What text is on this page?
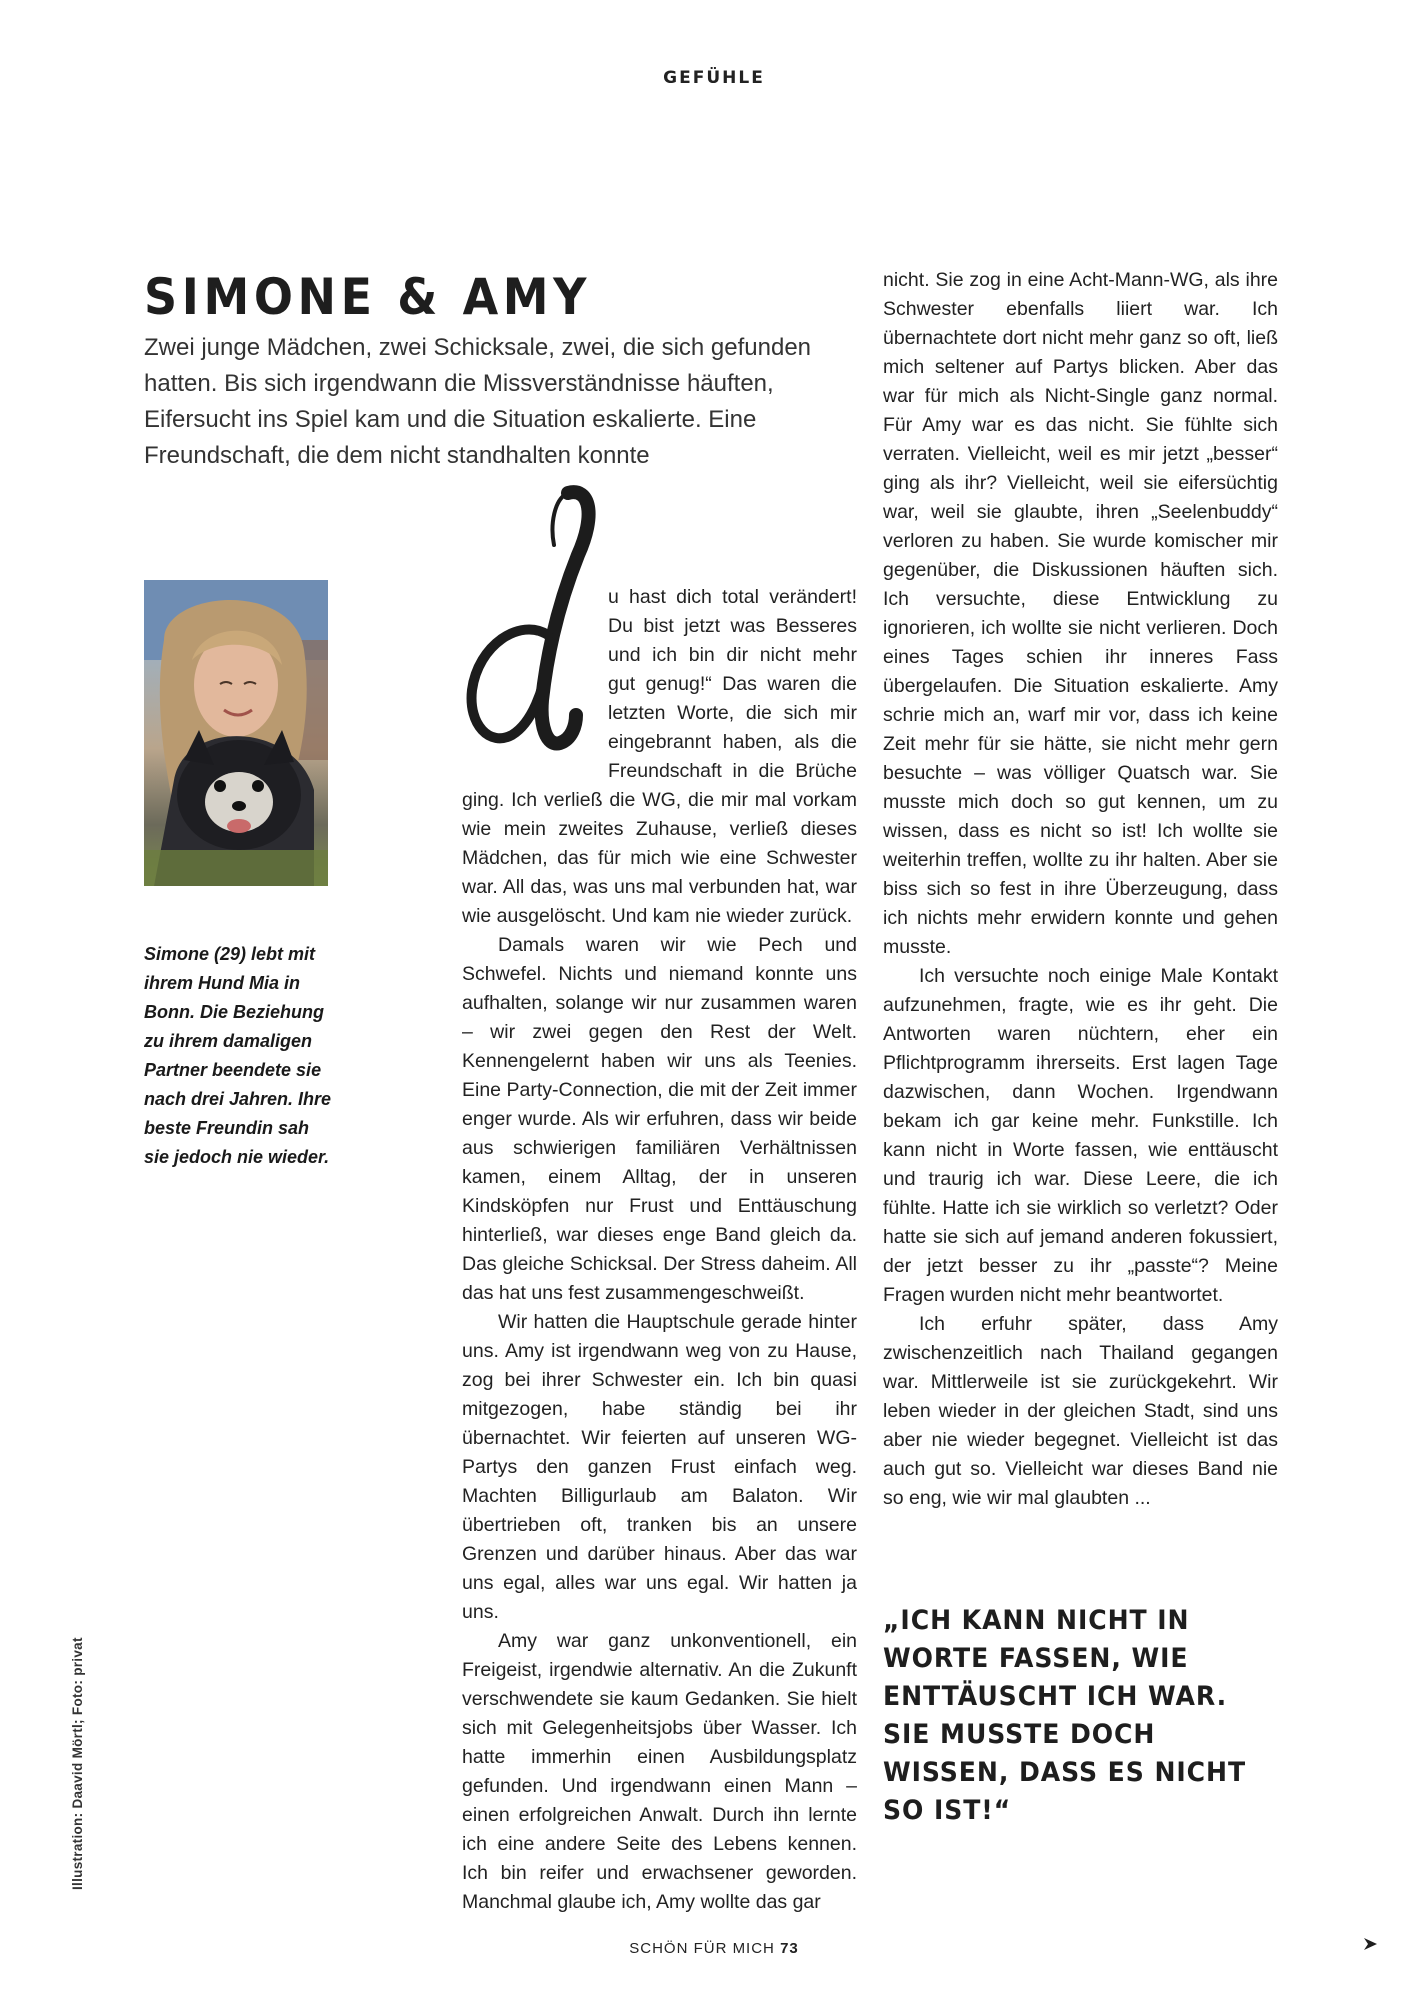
GEFÜHLE
SIMONE & AMY

Zwei junge Mädchen, zwei Schicksale, zwei, die sich gefunden hatten. Bis sich irgendwann die Missverständnisse häuften, Eifersucht ins Spiel kam und die Situation eskalierte. Eine Freundschaft, die dem nicht standhalten konnte

Simone (29) lebt mit ihrem Hund Mia in Bonn. Die Beziehung zu ihrem damaligen Partner beendete sie nach drei Jahren. Ihre beste Freundin sah sie jedoch nie wieder.

Illustration: Daavid Mörtl; Foto: privat

u hast dich total verändert! Du bist jetzt was Besseres und ich bin dir nicht mehr gut genug!“ Das waren die letzten Worte, die sich mir eingebrannt haben, als die Freundschaft in die Brüche ging. Ich verließ die WG, die mir mal vorkam wie mein zweites Zuhause, verließ dieses Mädchen, das für mich wie eine Schwester war. All das, was uns mal verbunden hat, war wie ausgelöscht. Und kam nie wieder zurück.

Damals waren wir wie Pech und Schwefel. Nichts und niemand konnte uns aufhalten, solange wir nur zusammen waren – wir zwei gegen den Rest der Welt. Kennengelernt haben wir uns als Teenies. Eine Party-Connection, die mit der Zeit immer enger wurde. Als wir erfuhren, dass wir beide aus schwierigen familiären Verhältnissen kamen, einem Alltag, der in unseren Kindsköpfen nur Frust und Enttäuschung hinterließ, war dieses enge Band gleich da. Das gleiche Schicksal. Der Stress daheim. All das hat uns fest zusammengeschweißt.

Wir hatten die Hauptschule gerade hinter uns. Amy ist irgendwann weg von zu Hause, zog bei ihrer Schwester ein. Ich bin quasi mitgezogen, habe ständig bei ihr übernachtet. Wir feierten auf unseren WG-Partys den ganzen Frust einfach weg. Machten Billigurlaub am Balaton. Wir übertrieben oft, tranken bis an unsere Grenzen und darüber hinaus. Aber das war uns egal, alles war uns egal. Wir hatten ja uns.

Amy war ganz unkonventionell, ein Freigeist, irgendwie alternativ. An die Zukunft verschwendete sie kaum Gedanken. Sie hielt sich mit Gelegenheitsjobs über Wasser. Ich hatte immerhin einen Ausbildungsplatz gefunden. Und irgendwann einen Mann – einen erfolgreichen Anwalt. Durch ihn lernte ich eine andere Seite des Lebens kennen. Ich bin reifer und erwachsener geworden. Manchmal glaube ich, Amy wollte das gar

nicht. Sie zog in eine Acht-Mann-WG, als ihre Schwester ebenfalls liiert war. Ich übernachtete dort nicht mehr ganz so oft, ließ mich seltener auf Partys blicken. Aber das war für mich als Nicht-Single ganz normal. Für Amy war es das nicht. Sie fühlte sich verraten. Vielleicht, weil es mir jetzt „besser“ ging als ihr? Vielleicht, weil sie eifersüchtig war, weil sie glaubte, ihren „Seelenbuddy“ verloren zu haben. Sie wurde komischer mir gegenüber, die Diskussionen häuften sich. Ich versuchte, diese Entwicklung zu ignorieren, ich wollte sie nicht verlieren. Doch eines Tages schien ihr inneres Fass übergelaufen. Die Situation eskalierte. Amy schrie mich an, warf mir vor, dass ich keine Zeit mehr für sie hätte, sie nicht mehr gern besuchte – was völliger Quatsch war. Sie musste mich doch so gut kennen, um zu wissen, dass es nicht so ist! Ich wollte sie weiterhin treffen, wollte zu ihr halten. Aber sie biss sich so fest in ihre Überzeugung, dass ich nichts mehr erwidern konnte und gehen musste.

Ich versuchte noch einige Male Kontakt aufzunehmen, fragte, wie es ihr geht. Die Antworten waren nüchtern, eher ein Pflichtprogramm ihrerseits. Erst lagen Tage dazwischen, dann Wochen. Irgendwann bekam ich gar keine mehr. Funkstille. Ich kann nicht in Worte fassen, wie enttäuscht und traurig ich war. Diese Leere, die ich fühlte. Hatte ich sie wirklich so verletzt? Oder hatte sie sich auf jemand anderen fokussiert, der jetzt besser zu ihr „passte“? Meine Fragen wurden nicht mehr beantwortet.

Ich erfuhr später, dass Amy zwischenzeitlich nach Thailand gegangen war. Mittlerweile ist sie zurückgekehrt. Wir leben wieder in der gleichen Stadt, sind uns aber nie wieder begegnet. Vielleicht ist das auch gut so. Vielleicht war dieses Band nie so eng, wie wir mal glaubten ...

„ICH KANN NICHT IN WORTE FASSEN, WIE ENTTÄUSCHT ICH WAR. SIE MUSSTE DOCH WISSEN, DASS ES NICHT SO IST!“

SCHÖN FÜR MICH 73
